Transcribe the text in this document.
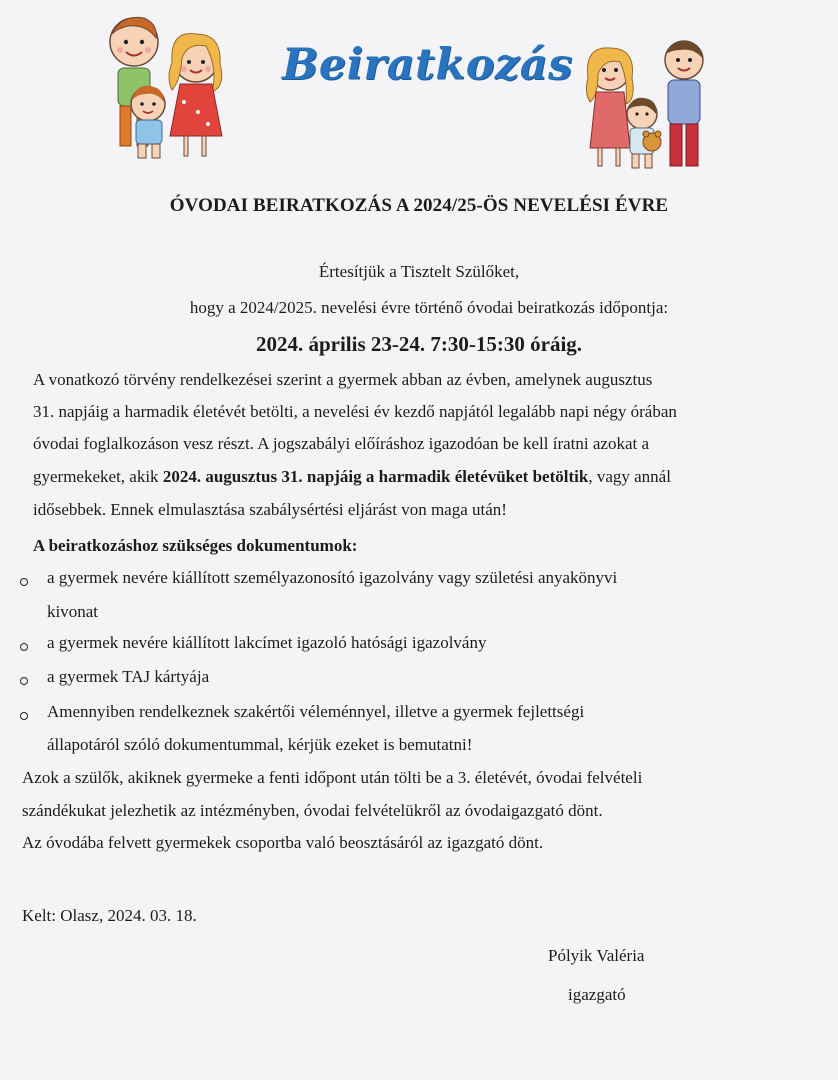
Beiratkozás
ÓVODAI BEIRATKOZÁS A 2024/25-ÖS NEVELÉSI ÉVRE
Értesítjük a Tisztelt Szülőket,
hogy a 2024/2025. nevelési évre történő óvodai beiratkozás időpontja:
2024. április 23-24. 7:30-15:30 óráig.
A vonatkozó törvény rendelkezései szerint a gyermek abban az évben, amelynek augusztus
31. napjáig a harmadik életévét betölti, a nevelési év kezdő napjától legalább napi négy órában
óvodai foglalkozáson vesz részt. A jogszabályi előíráshoz igazodóan be kell íratni azokat a
gyermekeket, akik 2024. augusztus 31. napjáig a harmadik életévüket betöltik, vagy annál
idősebbek. Ennek elmulasztása szabálysértési eljárást von maga után!
A beiratkozáshoz szükséges dokumentumok:
a gyermek nevére kiállított személyazonosító igazolvány vagy születési anyakönyvi
kivonat
a gyermek nevére kiállított lakcímet igazoló hatósági igazolvány
a gyermek TAJ kártyája
Amennyiben rendelkeznek szakértői véleménnyel, illetve a gyermek fejlettségi
állapotáról szóló dokumentummal, kérjük ezeket is bemutatni!
Azok a szülők, akiknek gyermeke a fenti időpont után tölti be a 3. életévét, óvodai felvételi
szándékukat jelezhetik az intézményben, óvodai felvételükről az óvodaigazgató dönt.
Az óvodába felvett gyermekek csoportba való beosztásáról az igazgató dönt.
Kelt: Olasz, 2024. 03. 18.
Pólyik Valéria
igazgató
